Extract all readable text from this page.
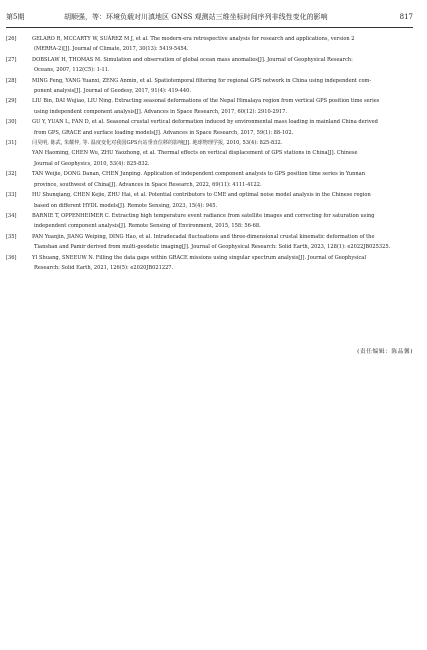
第5期	胡顺强，等：环境负载对川滇地区 GNSS 观测站三维坐标时间序列非线性变化的影响	817
[26]	GELARO R, MCCARTY W, SUÁREZ M J, et al. The modern-era retrospective analysis for research and applications, version 2
(MERRA-2)[J]. Journal of Climate, 2017, 30(13): 5419-5454.
[27]	DOBSLAW H, THOMAS M. Simulation and observation of global ocean mass anomalies[J]. Journal of Geophysical Research:
Oceans, 2007, 112(C5): 1-11.
[28]	MING Feng, YANG Yuanxi, ZENG Anmin, et al. Spatiotemporal filtering for regional GPS network in China using independent com-
ponent analysis[J]. Journal of Geodesy, 2017, 91(4): 419-440.
[29]	LIU Bin, DAI Wujiao, LIU Ning. Extracting seasonal deformations of the Nepal Himalaya region from vertical GPS position time series
using independent component analysis[J]. Advances in Space Research, 2017, 60(12): 2910-2917.
[30]	GU Y, YUAN L, FAN D, et al. Seasonal crustal vertical deformation induced by environmental mass loading in mainland China derived
from GPS, GRACE and surface loading models[J]. Advances in Space Research, 2017, 59(1): 88-102.
[31]	闫昊明, 陈武, 朱耀仲, 等. 温度变化对我国GPS台站垂直位移的影响[J]. 地球物理学报, 2010, 53(4): 825-832.
YAN Haoming, CHEN Wu, ZHU Yaozhong, et al. Thermal effects on vertical displacement of GPS stations in China[J]. Chinese
Journal of Geophysics, 2010, 53(4): 825-832.
[32]	TAN Weijie, DONG Danan, CHEN Junping. Application of independent component analysis to GPS position time series in Yunnan
province, southwest of China[J]. Advances in Space Research, 2022, 69(11): 4111-4122.
[33]	HU Shunqiang, CHEN Kejie, ZHU Hai, et al. Potential contributors to CME and optimal noise model analysis in the Chinese region
based on different HYDL models[J]. Remote Sensing, 2023, 15(4): 945.
[34]	BARNIE T, OPPENHEIMER C. Extracting high temperature event radiance from satellite images and correcting for saturation using
independent component analysis[J]. Remote Sensing of Environment, 2015, 158: 56-68.
[35]	PAN Yuanjin, JIANG Weiping, DING Hao, et al. Intradecadal fluctuations and three-dimensional crustal kinematic deformation of the
Tianshan and Pamir derived from multi-geodetic imaging[J]. Journal of Geophysical Research: Solid Earth, 2023, 128(1): e2022JB025325.
[36]	YI Shuang, SNEEUW N. Filling the data gaps within GRACE missions using singular spectrum analysis[J]. Journal of Geophysical
Research: Solid Earth, 2021, 126(5): e2020JB021227.
(责任编辑：陈品馨)
